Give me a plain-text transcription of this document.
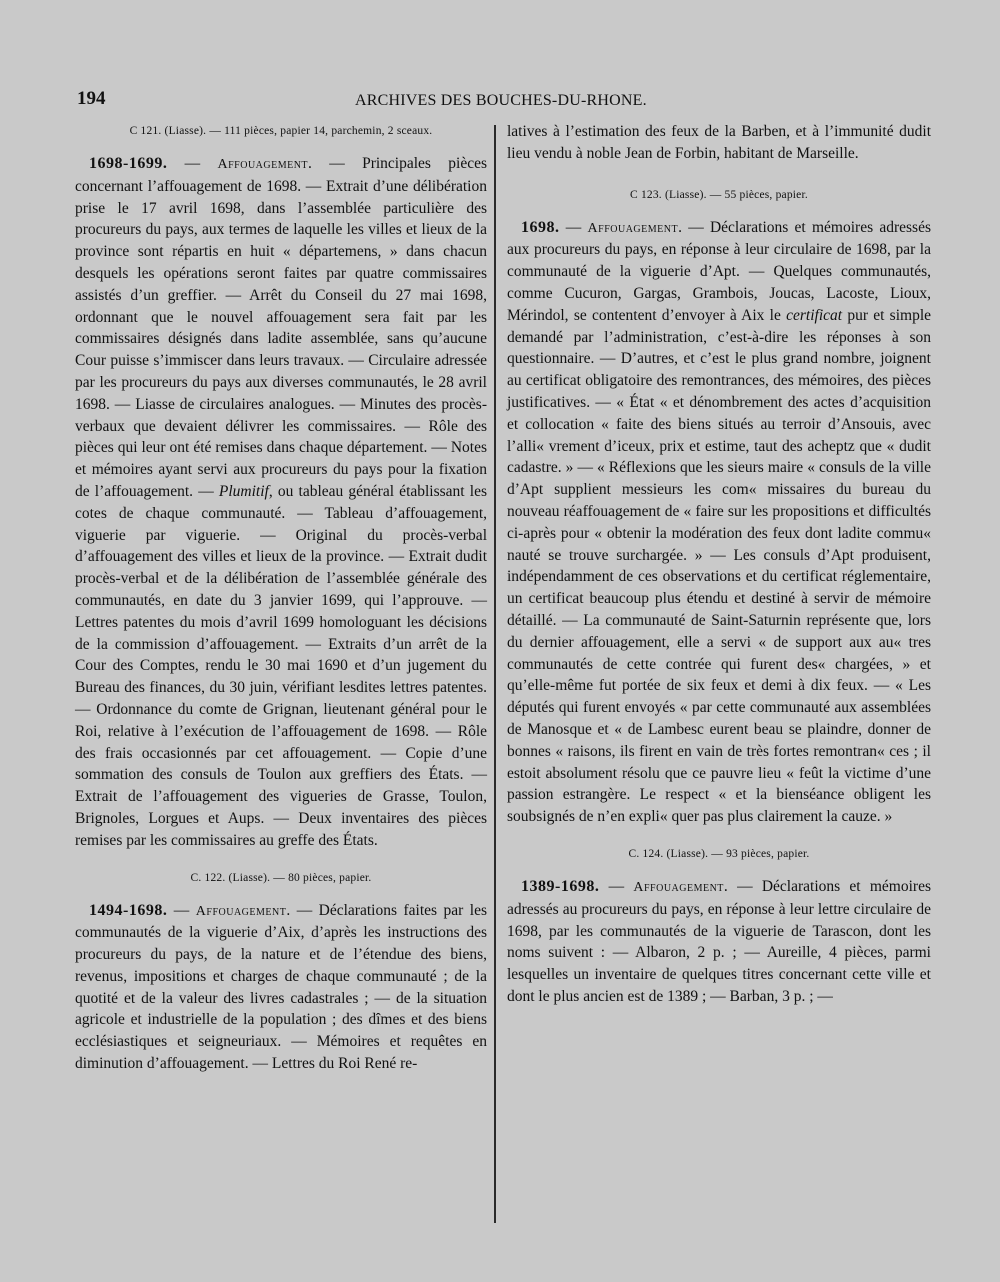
194	ARCHIVES DES BOUCHES-DU-RHONE.
C 121. (Liasse). — 111 pièces, papier 14, parchemin, 2 sceaux.

1698-1699. — Affouagement. — Principales pièces concernant l’affouagement de 1698. — Extrait d’une délibération prise le 17 avril 1698, dans l’assemblée particulière des procureurs du pays, aux termes de laquelle les villes et lieux de la province sont répartis en huit « départemens, » dans chacun desquels les opérations seront faites par quatre commissaires assistés d’un greffier. — Arrêt du Conseil du 27 mai 1698, ordonnant que le nouvel affouagement sera fait par les commissaires désignés dans ladite assemblée, sans qu’aucune Cour puisse s’immiscer dans leurs travaux. — Circulaire adressée par les procureurs du pays aux diverses communautés, le 28 avril 1698. — Liasse de circulaires analogues. — Minutes des procès-verbaux que devaient délivrer les commissaires. — Rôle des pièces qui leur ont été remises dans chaque département. — Notes et mémoires ayant servi aux procureurs du pays pour la fixation de l’affouagement. — Plumitif, ou tableau général établissant les cotes de chaque communauté. — Tableau d’affouagement, viguerie par viguerie. — Original du procès-verbal d’affouagement des villes et lieux de la province. — Extrait dudit procès-verbal et de la délibération de l’assemblée générale des communautés, en date du 3 janvier 1699, qui l’approuve. — Lettres patentes du mois d’avril 1699 homologuant les décisions de la commission d’affouagement. — Extraits d’un arrêt de la Cour des Comptes, rendu le 30 mai 1690 et d’un jugement du Bureau des finances, du 30 juin, vérifiant lesdites lettres patentes. — Ordonnance du comte de Grignan, lieutenant général pour le Roi, relative à l’exécution de l’affouagement de 1698. — Rôle des frais occasionnés par cet affouagement. — Copie d’une sommation des consuls de Toulon aux greffiers des États. — Extrait de l’affouagement des vigueries de Grasse, Toulon, Brignoles, Lorgues et Aups. — Deux inventaires des pièces remises par les commissaires au greffe des États.

C. 122. (Liasse). — 80 pièces, papier.

1494-1698. — Affouagement. — Déclarations faites par les communautés de la viguerie d’Aix, d’après les instructions des procureurs du pays, de la nature et de l’étendue des biens, revenus, impositions et charges de chaque communauté ; de la quotité et de la valeur des livres cadastrales ; — de la situation agricole et industrielle de la population ; des dîmes et des biens ecclésiastiques et seigneuriaux. — Mémoires et requêtes en diminution d’affouagement. — Lettres du Roi René re-

latives à l’estimation des feux de la Barben, et à l’immunité dudit lieu vendu à noble Jean de Forbin, habitant de Marseille.

C 123. (Liasse). — 55 pièces, papier.

1698. — Affouagement. — Déclarations et mémoires adressés aux procureurs du pays, en réponse à leur circulaire de 1698, par la communauté de la viguerie d’Apt. — Quelques communautés, comme Cucuron, Gargas, Grambois, Joucas, Lacoste, Lioux, Mérindol, se contentent d’envoyer à Aix le certificat pur et simple demandé par l’administration, c’est-à-dire les réponses à son questionnaire. — D’autres, et c’est le plus grand nombre, joignent au certificat obligatoire des remontrances, des mémoires, des pièces justificatives. — « État « et dénombrement des actes d’acquisition et collocation « faite des biens situés au terroir d’Ansouis, avec l’alli« vrement d’iceux, prix et estime, taut des acheptz que « dudit cadastre. » — « Réflexions que les sieurs maire « consuls de la ville d’Apt supplient messieurs les com« missaires du bureau du nouveau réaffouagement de « faire sur les propositions et difficultés ci-après pour « obtenir la modération des feux dont ladite commu« nauté se trouve surchargée. » — Les consuls d’Apt produisent, indépendamment de ces observations et du certificat réglementaire, un certificat beaucoup plus étendu et destiné à servir de mémoire détaillé. — La communauté de Saint-Saturnin représente que, lors du dernier affouagement, elle a servi « de support aux au« tres communautés de cette contrée qui furent des« chargées, » et qu’elle-même fut portée de six feux et demi à dix feux. — « Les députés qui furent envoyés « par cette communauté aux assemblées de Manosque et « de Lambesc eurent beau se plaindre, donner de bonnes « raisons, ils firent en vain de très fortes remontran« ces ; il estoit absolument résolu que ce pauvre lieu « feût la victime d’une passion estrangère. Le respect « et la bienséance obligent les soubsignés de n’en expli« quer pas plus clairement la cauze. »

C. 124. (Liasse). — 93 pièces, papier.

1389-1698. — Affouagement. — Déclarations et mémoires adressés au procureurs du pays, en réponse à leur lettre circulaire de 1698, par les communautés de la viguerie de Tarascon, dont les noms suivent : — Albaron, 2 p. ; — Aureille, 4 pièces, parmi lesquelles un inventaire de quelques titres concernant cette ville et dont le plus ancien est de 1389 ; — Barban, 3 p. ; —
